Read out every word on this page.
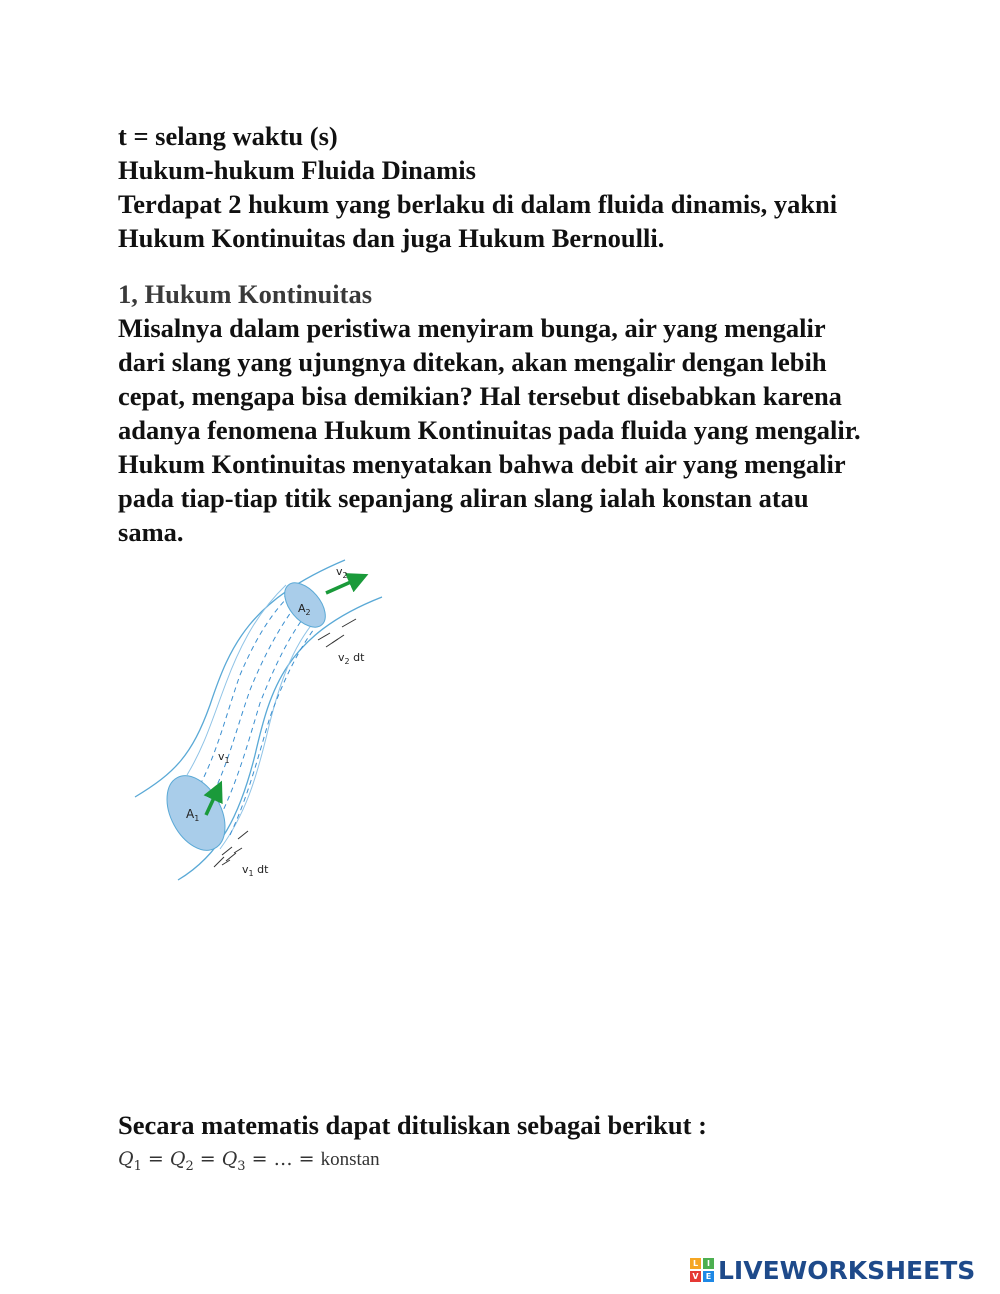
t = selang waktu (s)
Hukum-hukum Fluida Dinamis
Terdapat 2 hukum yang berlaku di dalam fluida dinamis, yakni
Hukum Kontinuitas dan juga Hukum Bernoulli.
1, Hukum Kontinuitas
Misalnya dalam peristiwa menyiram bunga, air yang mengalir
dari slang yang ujungnya ditekan, akan mengalir dengan lebih
cepat, mengapa bisa demikian? Hal tersebut disebabkan karena
adanya fenomena Hukum Kontinuitas pada fluida yang mengalir.
Hukum Kontinuitas menyatakan bahwa debit air yang mengalir
pada tiap-tiap titik sepanjang aliran slang ialah konstan atau
sama.
$A_1$
$A_2$
$v_1$
$v_2$
$v_1$ dt
$v_2$ dt
Secara matematis dapat dituliskan sebagai berikut :
$Q_1 = Q_2 = Q_3$ = … = konstan
L	I
V E LIVEWORKSHEETS
